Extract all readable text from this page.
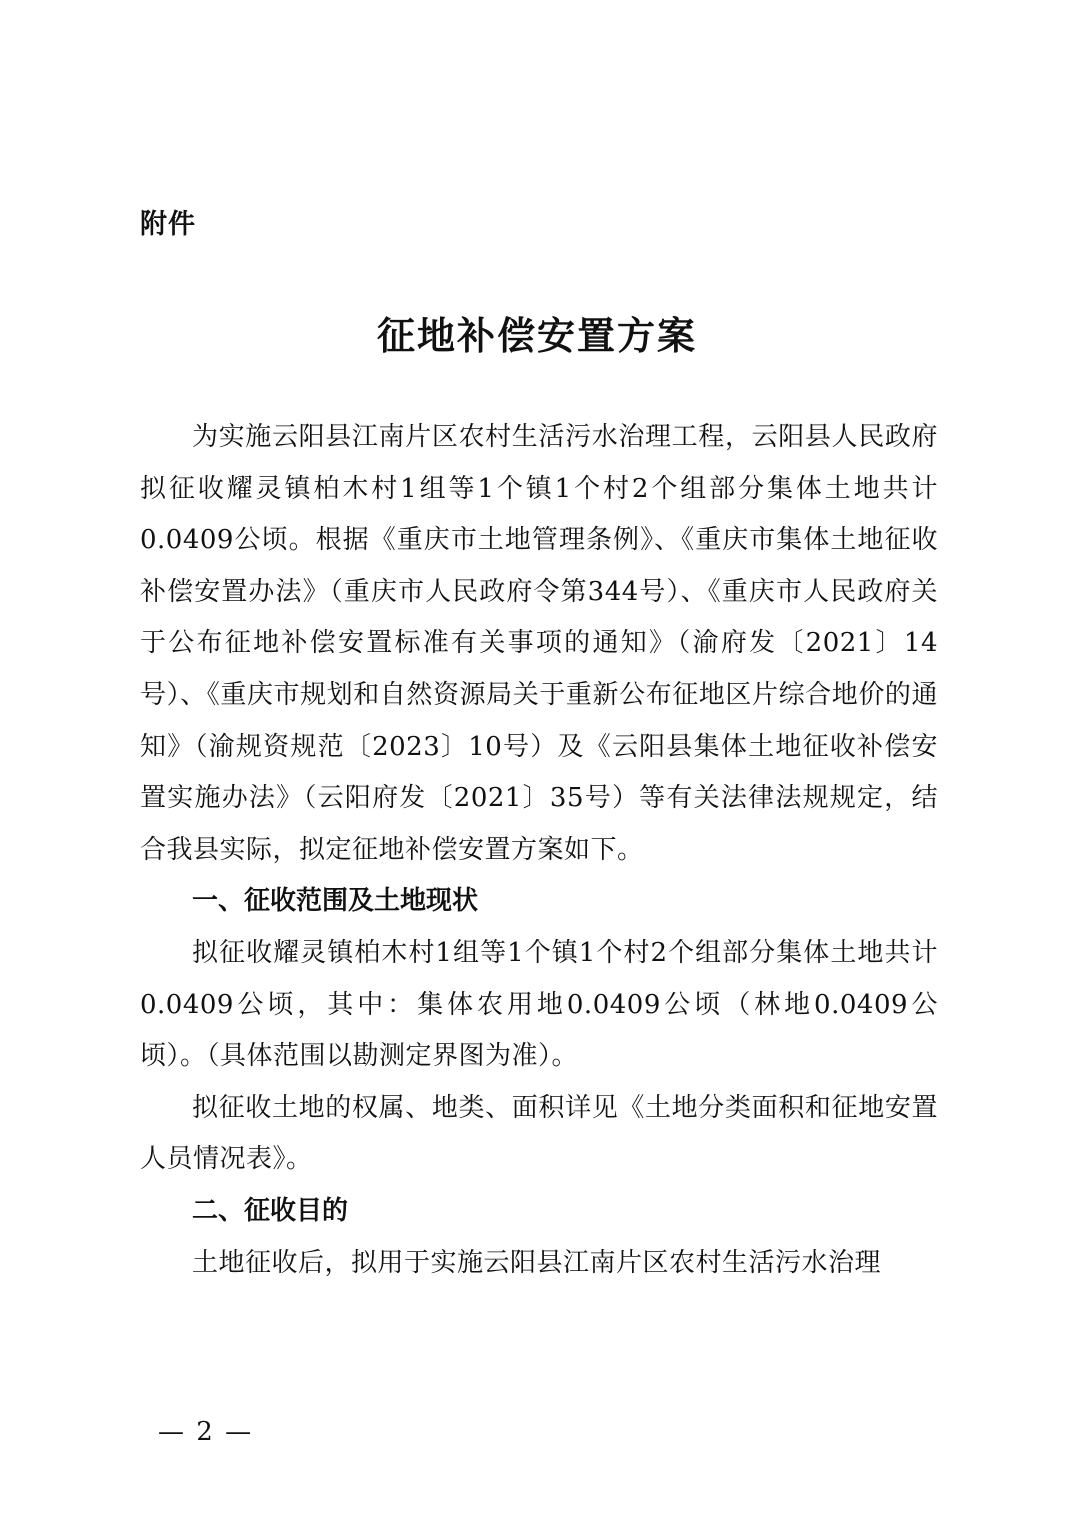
附件
征地补偿安置方案

为实施云阳县江南片区农村生活污水治理工程，云阳县人民政府拟征收耀灵镇柏木村1组等1个镇1个村2个组部分集体土地共计0.0409公顷。根据《重庆市土地管理条例》、《重庆市集体土地征收补偿安置办法》（重庆市人民政府令第344号）、《重庆市人民政府关于公布征地补偿安置标准有关事项的通知》（渝府发〔2021〕14号）、《重庆市规划和自然资源局关于重新公布征地区片综合地价的通知》（渝规资规范〔2023〕10号）及《云阳县集体土地征收补偿安置实施办法》（云阳府发〔2021〕35号）等有关法律法规规定，结合我县实际，拟定征地补偿安置方案如下。

一、征收范围及土地现状

拟征收耀灵镇柏木村1组等1个镇1个村2个组部分集体土地共计0.0409公顷，其中：集体农用地0.0409公顷（林地0.0409公顷）。（具体范围以勘测定界图为准）。

拟征收土地的权属、地类、面积详见《土地分类面积和征地安置人员情况表》。

二、征收目的

土地征收后，拟用于实施云阳县江南片区农村生活污水治理

— 2 —
